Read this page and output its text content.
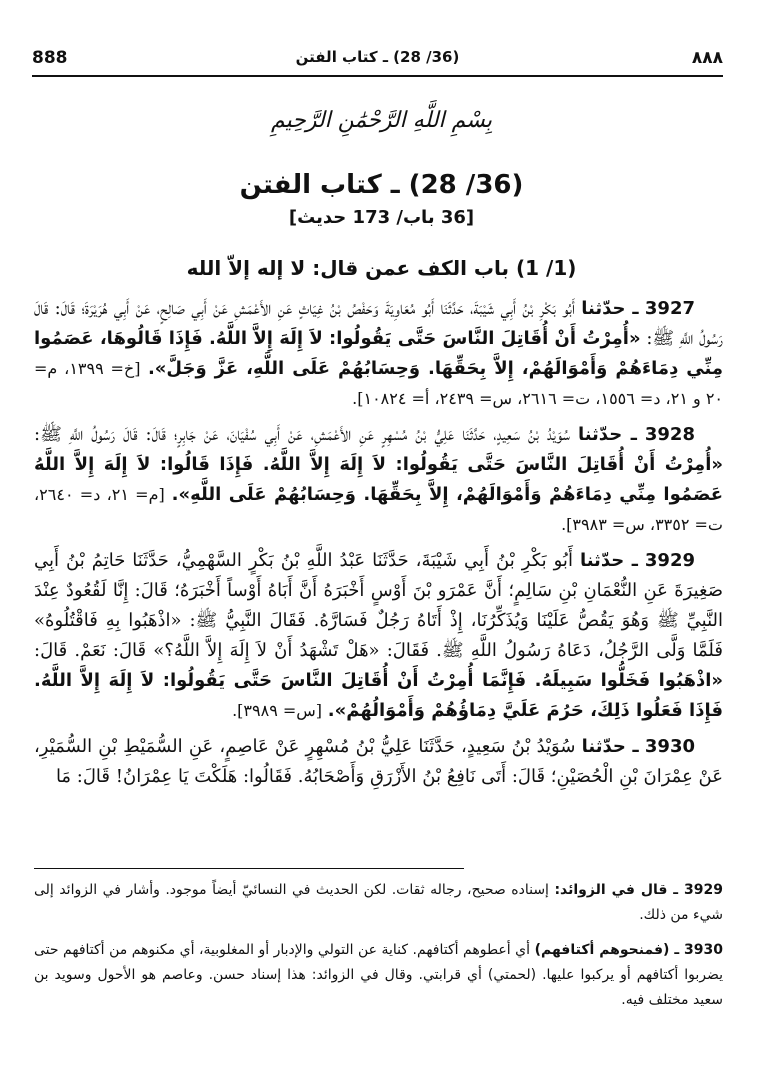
888	(36/ 28) ـ كتاب الفتن	٨٨٨
بِسْمِ اللَّهِ الرَّحْمَٰنِ الرَّحِيمِ
(36/ 28) ـ كتاب الفتن
[36 باب/ 173 حديث]
(1/ 1) باب الكف عمن قال: لا إله إلاّ الله

3927 ـ حدّثنا أَبُو بَكْرِ بْنُ أَبِي شَيْبَةَ، حَدَّثَنَا أَبُو مُعَاوِيَةَ وَحَفْصُ بْنُ غِيَاثٍ عَنِ الأَعْمَشِ عَنْ أَبِي صَالِحٍ، عَنْ أَبِي هُرَيْرَةَ؛ قَالَ: قَالَ رَسُولُ اللَّهِ ﷺ: «أُمِرْتُ أَنْ أُقَاتِلَ النَّاسَ حَتَّى يَقُولُوا: لاَ إِلَهَ إِلاَّ اللَّهُ. فَإِذَا قَالُوهَا، عَصَمُوا مِنِّي دِمَاءَهُمْ وَأَمْوَالَهُمْ، إِلاَّ بِحَقِّهَا. وَحِسَابُهُمْ عَلَى اللَّهِ، عَزَّ وَجَلَّ». [خ= ١٣٩٩، م= ٢٠ و ٢١، د= ١٥٥٦، ت= ٢٦١٦، س= ٢٤٣٩، أ= ١٠٨٢٤].

3928 ـ حدّثنا سُوَيْدُ بْنُ سَعِيدٍ، حَدَّثَنَا عَلِيُّ بْنُ مُسْهِرٍ عَنِ الأَعْمَشِ، عَنْ أَبِي سُفْيَانَ، عَنْ جَابِرٍ؛ قَالَ: قَالَ رَسُولُ اللَّهِ ﷺ: «أُمِرْتُ أَنْ أُقَاتِلَ النَّاسَ حَتَّى يَقُولُوا: لاَ إِلَهَ إِلاَّ اللَّهُ. فَإِذَا قَالُوا: لاَ إِلَهَ إِلاَّ اللَّهُ عَصَمُوا مِنِّي دِمَاءَهُمْ وَأَمْوَالَهُمْ، إِلاَّ بِحَقِّهَا. وَحِسَابُهُمْ عَلَى اللَّهِ». [م= ٢١، د= ٢٦٤٠، ت= ٣٣٥٢، س= ٣٩٨٣].

3929 ـ حدّثنا أَبُو بَكْرِ بْنُ أَبِي شَيْبَةَ، حَدَّثَنَا عَبْدُ اللَّهِ بْنُ بَكْرٍ السَّهْمِيُّ، حَدَّثَنَا حَاتِمُ بْنُ أَبِي صَغِيرَةَ عَنِ النُّعْمَانِ بْنِ سَالِمٍ؛ أَنَّ عَمْرَو بْنَ أَوْسٍ أَخْبَرَهُ أَنَّ أَبَاهُ أَوْساً أَخْبَرَهُ؛ قَالَ: إِنَّا لَقُعُودٌ عِنْدَ النَّبِيِّ ﷺ وَهُوَ يَقُصُّ عَلَيْنَا وَيُذَكِّرُنَا، إِذْ أَتَاهُ رَجُلٌ فَسَارَّهُ. فَقَالَ النَّبِيُّ ﷺ: «اذْهَبُوا بِهِ فَاقْتُلُوهُ» فَلَمَّا وَلَّى الرَّجُلُ، دَعَاهُ رَسُولُ اللَّهِ ﷺ. فَقَالَ: «هَلْ تَشْهَدُ أَنْ لاَ إِلَهَ إِلاَّ اللَّهُ؟» قَالَ: نَعَمْ. قَالَ: «اذْهَبُوا فَخَلُّوا سَبِيلَهُ. فَإِنَّمَا أُمِرْتُ أَنْ أُقَاتِلَ النَّاسَ حَتَّى يَقُولُوا: لاَ إِلَهَ إِلاَّ اللَّهُ. فَإِذَا فَعَلُوا ذَلِكَ، حَرُمَ عَلَيَّ دِمَاؤُهُمْ وَأَمْوَالُهُمْ». [س= ٣٩٨٩].

3930 ـ حدّثنا سُوَيْدُ بْنُ سَعِيدٍ، حَدَّثَنَا عَلِيُّ بْنُ مُسْهِرٍ عَنْ عَاصِمٍ، عَنِ السُّمَيْطِ بْنِ السُّمَيْرِ، عَنْ عِمْرَانَ بْنِ الْحُصَيْنِ؛ قَالَ: أَتَى نَافِعُ بْنُ الأَزْرَقِ وَأَصْحَابُهُ. فَقَالُوا: هَلَكْتَ يَا عِمْرَانُ! قَالَ: مَا

3929 ـ قال في الزوائد: إسناده صحيح، رجاله ثقات. لكن الحديث في النسائيّ أيضاً موجود. وأشار في الزوائد إلى شيء من ذلك.

3930 ـ (فمنحوهم أكتافهم) أي أعطوهم أكتافهم. كناية عن التولي والإدبار أو المغلوبية، أي مكنوهم من أكتافهم حتى يضربوا أكتافهم أو يركبوا عليها. (لحمتي) أي قرابتي. وقال في الزوائد: هذا إسناد حسن. وعاصم هو الأحول وسويد بن سعيد مختلف فيه.
